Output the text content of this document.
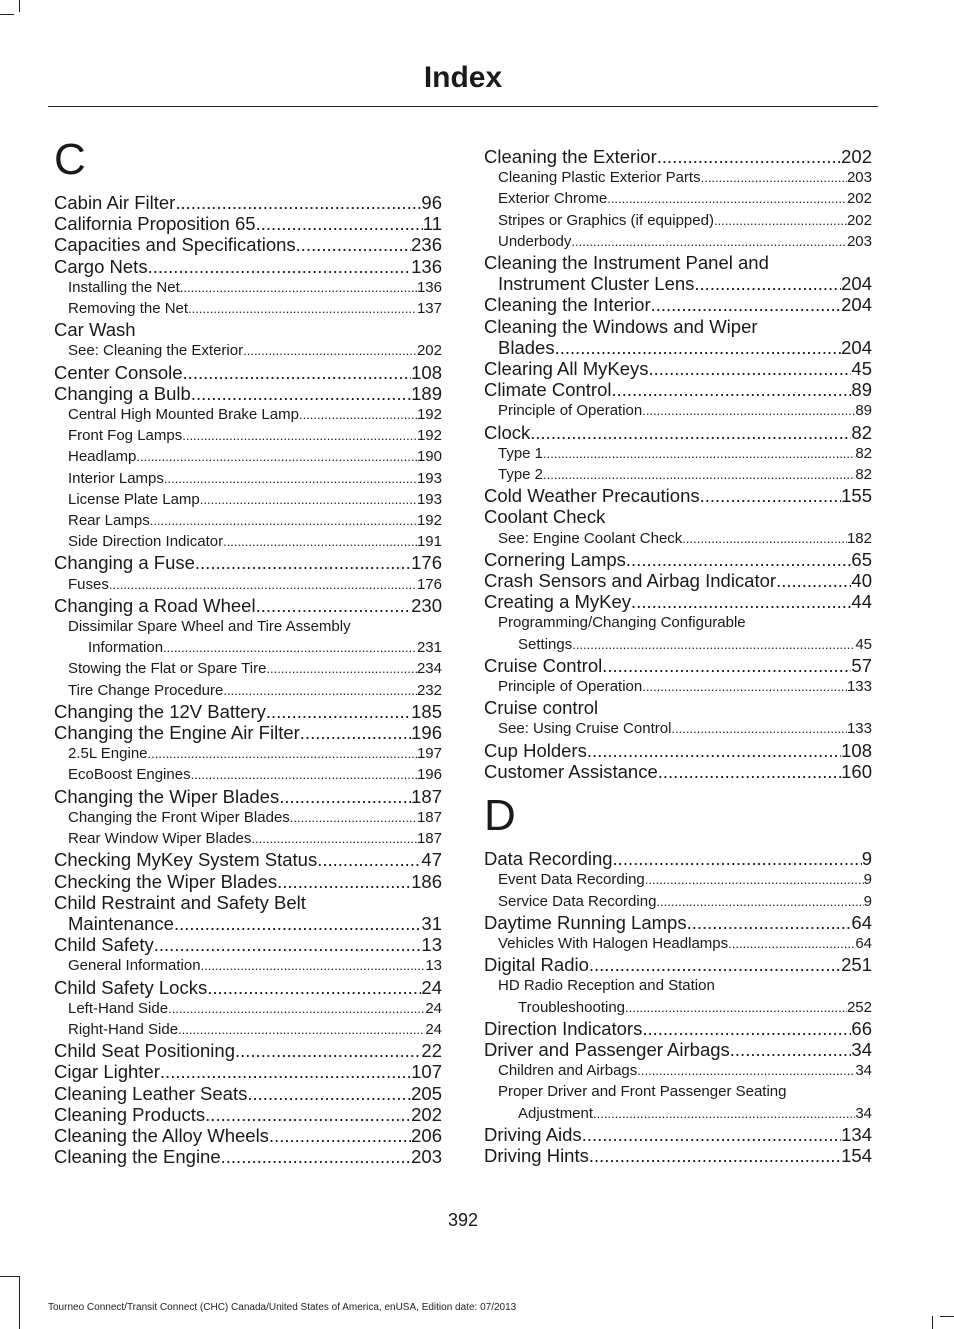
Index
C
Cabin Air Filter .....	96
California Proposition 65 .....	11
Capacities and Specifications .....	236
Cargo Nets .....	136
Installing the Net .....	136
Removing the Net .....	137
Car Wash
See: Cleaning the Exterior .....	202
Center Console .....	108
Changing a Bulb .....	189
Central High Mounted Brake Lamp .....	192
Front Fog Lamps .....	192
Headlamp .....	190
Interior Lamps .....	193
License Plate Lamp .....	193
Rear Lamps .....	192
Side Direction Indicator .....	191
Changing a Fuse .....	176
Fuses .....	176
Changing a Road Wheel .....	230
Dissimilar Spare Wheel and Tire Assembly
Information .....	231
Stowing the Flat or Spare Tire .....	234
Tire Change Procedure .....	232
Changing the 12V Battery .....	185
Changing the Engine Air Filter .....	196
2.5L Engine .....	197
EcoBoost Engines .....	196
Changing the Wiper Blades .....	187
Changing the Front Wiper Blades .....	187
Rear Window Wiper Blades .....	187
Checking MyKey System Status .....	47
Checking the Wiper Blades .....	186
Child Restraint and Safety Belt
Maintenance .....	31
Child Safety .....	13
General Information .....	13
Child Safety Locks .....	24
Left-Hand Side .....	24
Right-Hand Side .....	24
Child Seat Positioning .....	22
Cigar Lighter .....	107
Cleaning Leather Seats .....	205
Cleaning Products .....	202
Cleaning the Alloy Wheels .....	206
Cleaning the Engine .....	203
Cleaning the Exterior .....	202
Cleaning Plastic Exterior Parts .....	203
Exterior Chrome .....	202
Stripes or Graphics (if equipped) .....	202
Underbody .....	203
Cleaning the Instrument Panel and
Instrument Cluster Lens .....	204
Cleaning the Interior .....	204
Cleaning the Windows and Wiper
Blades .....	204
Clearing All MyKeys .....	45
Climate Control .....	89
Principle of Operation .....	89
Clock .....	82
Type 1 .....	82
Type 2 .....	82
Cold Weather Precautions .....	155
Coolant Check
See: Engine Coolant Check .....	182
Cornering Lamps .....	65
Crash Sensors and Airbag Indicator .....	40
Creating a MyKey .....	44
Programming/Changing Configurable
Settings .....	45
Cruise Control .....	57
Principle of Operation .....	133
Cruise control
See: Using Cruise Control .....	133
Cup Holders .....	108
Customer Assistance .....	160
D
Data Recording .....	9
Event Data Recording .....	9
Service Data Recording .....	9
Daytime Running Lamps .....	64
Vehicles With Halogen Headlamps .....	64
Digital Radio .....	251
HD Radio Reception and Station
Troubleshooting .....	252
Direction Indicators .....	66
Driver and Passenger Airbags .....	34
Children and Airbags .....	34
Proper Driver and Front Passenger Seating
Adjustment .....	34
Driving Aids .....	134
Driving Hints .....	154
392
Tourneo Connect/Transit Connect (CHC) Canada/United States of America, enUSA, Edition date: 07/2013
